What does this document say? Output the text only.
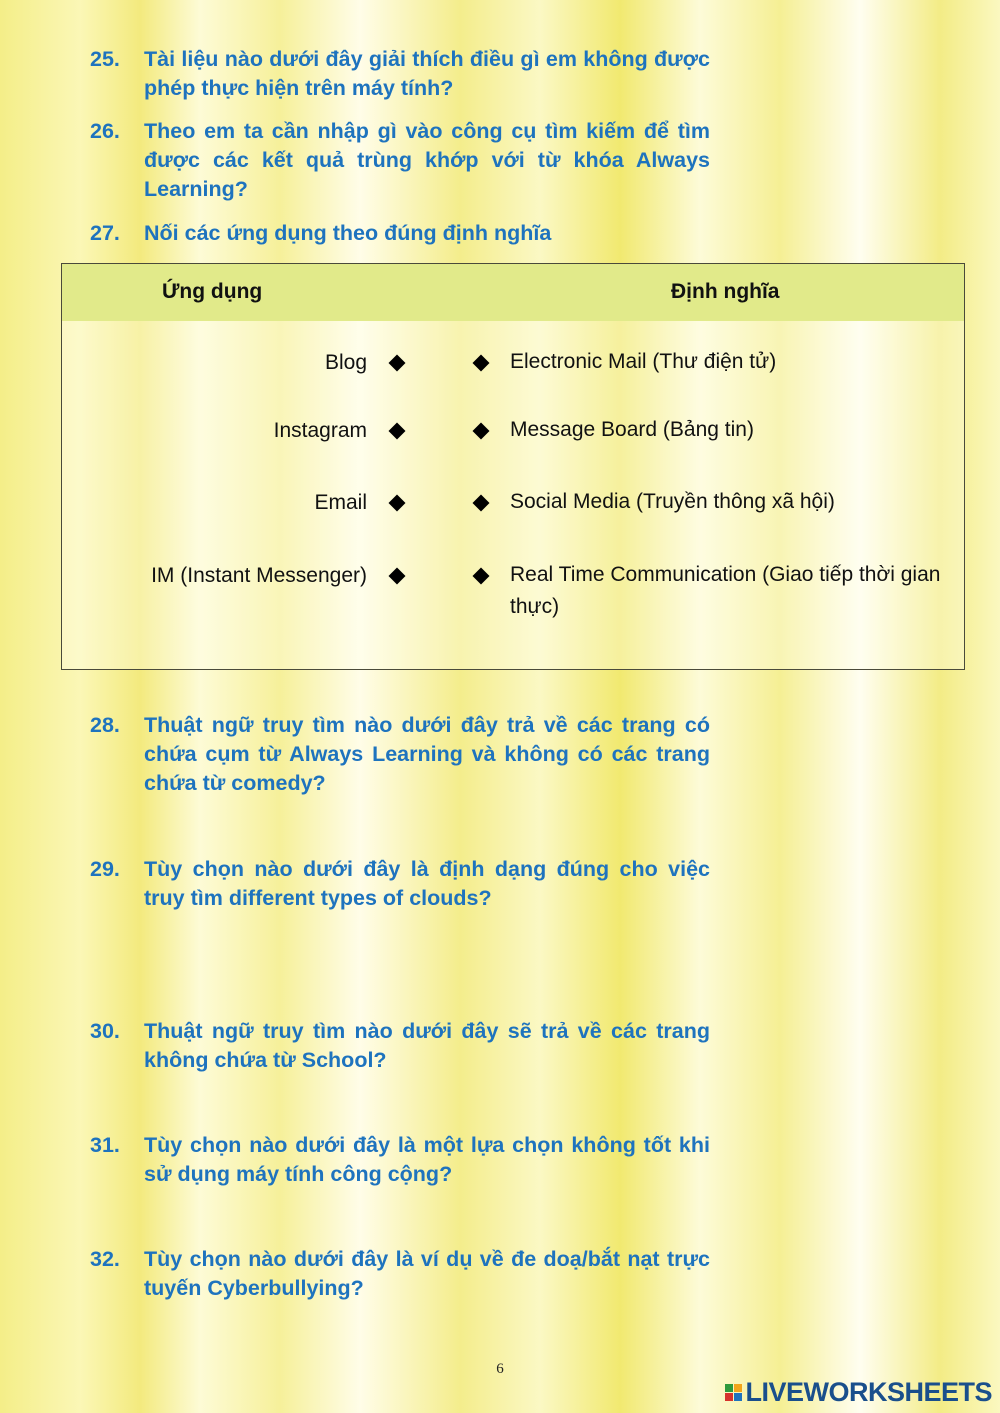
25. Tài liệu nào dưới đây giải thích điều gì em không được phép thực hiện trên máy tính?
26. Theo em ta cần nhập gì vào công cụ tìm kiếm để tìm được các kết quả trùng khớp với từ khóa Always Learning?
27. Nối các ứng dụng theo đúng định nghĩa
Ứng dụng	Định nghĩa
Blog	Electronic Mail (Thư điện tử)
Instagram	Message Board (Bảng tin)
Email	Social Media (Truyền thông xã hội)
IM (Instant Messenger)	Real Time Communication (Giao tiếp thời gian thực)
28. Thuật ngữ truy tìm nào dưới đây trả về các trang có chứa cụm từ Always Learning và không có các trang chứa từ comedy?
29. Tùy chọn nào dưới đây là định dạng đúng cho việc truy tìm different types of clouds?
30. Thuật ngữ truy tìm nào dưới đây sẽ trả về các trang không chứa từ School?
31. Tùy chọn nào dưới đây là một lựa chọn không tốt khi sử dụng máy tính công cộng?
32. Tùy chọn nào dưới đây là ví dụ về đe doạ/bắt nạt trực tuyến Cyberbullying?
6
LIVEWORKSHEETS
